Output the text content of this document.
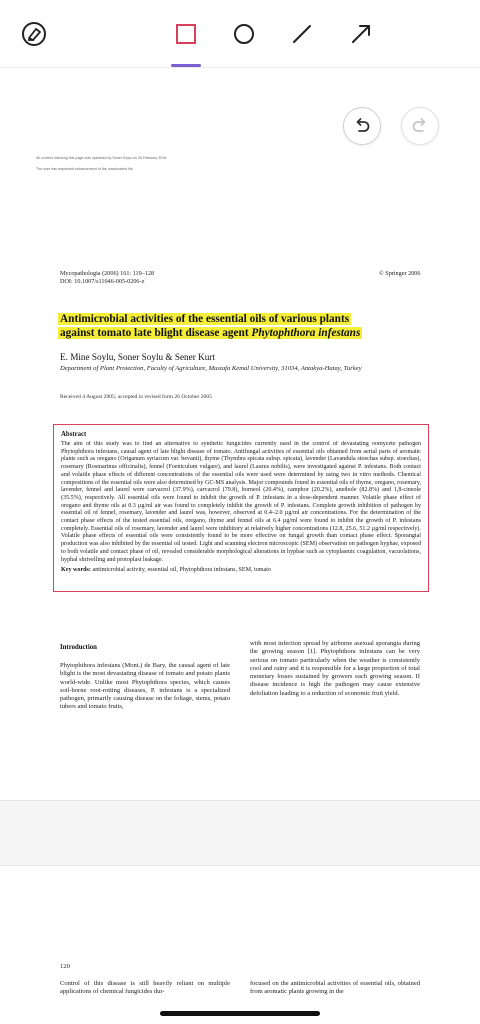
All content following this page was uploaded by Soner Soylu on 26 February 2016.
The user has requested enhancement of the downloaded file.
Mycopathologia (2006) 161: 119–128
DOI: 10.1007/s11046-005-0206-z
© Springer 2006
Antimicrobial activities of the essential oils of various plants
against tomato late blight disease agent Phytophthora infestans
E. Mine Soylu, Soner Soylu & Sener Kurt
Department of Plant Protection, Faculty of Agriculture, Mustafa Kemal University, 31034, Antakya-Hatay, Turkey
Received 4 August 2005; accepted in revised form 26 October 2005
Abstract
The aim of this study was to find an alternative to synthetic fungicides currently used in the control of devastating oomycete pathogen Phytophthora infestans, causal agent of late blight disease of tomato. Antifungal activities of essential oils obtained from aerial parts of aromatic plants such as oregano (Origanum syriacum var. bevanii), thyme (Thymbra spicata subsp. spicata), lavender (Lavandula stoechas subsp. stoechas), rosemary (Rosmarinus officinalis), fennel (Foeniculum vulgare), and laurel (Laurus nobilis), were investigated against P. infestans. Both contact and volatile phase effects of different concentrations of the essential oils were used were determined by using two in vitro methods. Chemical compositions of the essential oils were also determined by GC-MS analysis. Major compounds found in essential oils of thyme, oregano, rosemary, lavender, fennel and laurel were carvacrol (37.9%), carvacrol (79.8), borneol (20.4%), camphor (20.2%), anethole (82.8%) and 1,8-cineole (35.5%), respectively. All essential oils were found to inhibit the growth of P. infestans in a dose-dependent manner. Volatile phase effect of oregano and thyme oils at 0.3 µg/ml air was found to completely inhibit the growth of P. infestans. Complete growth inhibition of pathogen by essential oil of fennel, rosemary, lavender and laurel was, however, observed at 0.4–2.0 µg/ml air concentrations. For the determination of the contact phase effects of the tested essential oils, oregano, thyme and fennel oils at 6.4 µg/ml were found to inhibit the growth of P. infestans completely. Essential oils of rosemary, lavender and laurel were inhibitory at relatively higher concentrations (12.8, 25.6, 51.2 µg/ml respectively). Volatile phase effects of essential oils were consistently found to be more effective on fungal growth than contact phase effect. Sporangial production was also inhibited by the essential oil tested. Light and scanning electron microscopic (SEM) observation on pathogen hyphae, exposed to both volatile and contact phase of oil, revealed considerable morphological alterations in hyphae such as cytoplasmic coagulation, vacuolations, hyphal shrivelling and protoplast leakage.
Key words: antimicrobial activity, essential oil, Phytophthora infestans, SEM, tomato
Introduction
Phytophthora infestans (Mont.) de Bary, the causal agent of late blight is the most devastating disease of tomato and potato plants world-wide. Unlike most Phytophthora species, which causes soil-borne root-rotting diseases, P. infestans is a specialized pathogen, primarily causing disease on the foliage, stems, potato tubers and tomato fruits,
with most infection spread by airborne asexual sporangia during the growing season [1]. Phytophthora infestans can be very serious on tomato particularly when the weather is consistently cool and rainy and it is responsible for a large proportion of total monetary losses sustained by growers each growing season. If disease incidence is high the pathogen may cause extensive defoliation leading to a reduction of economic fruit yield.
120
Control of this disease is still heavily reliant on multiple applications of chemical fungicides dur-
focused on the antimicrobial activities of essential oils, obtained from aromatic plants growing in the
